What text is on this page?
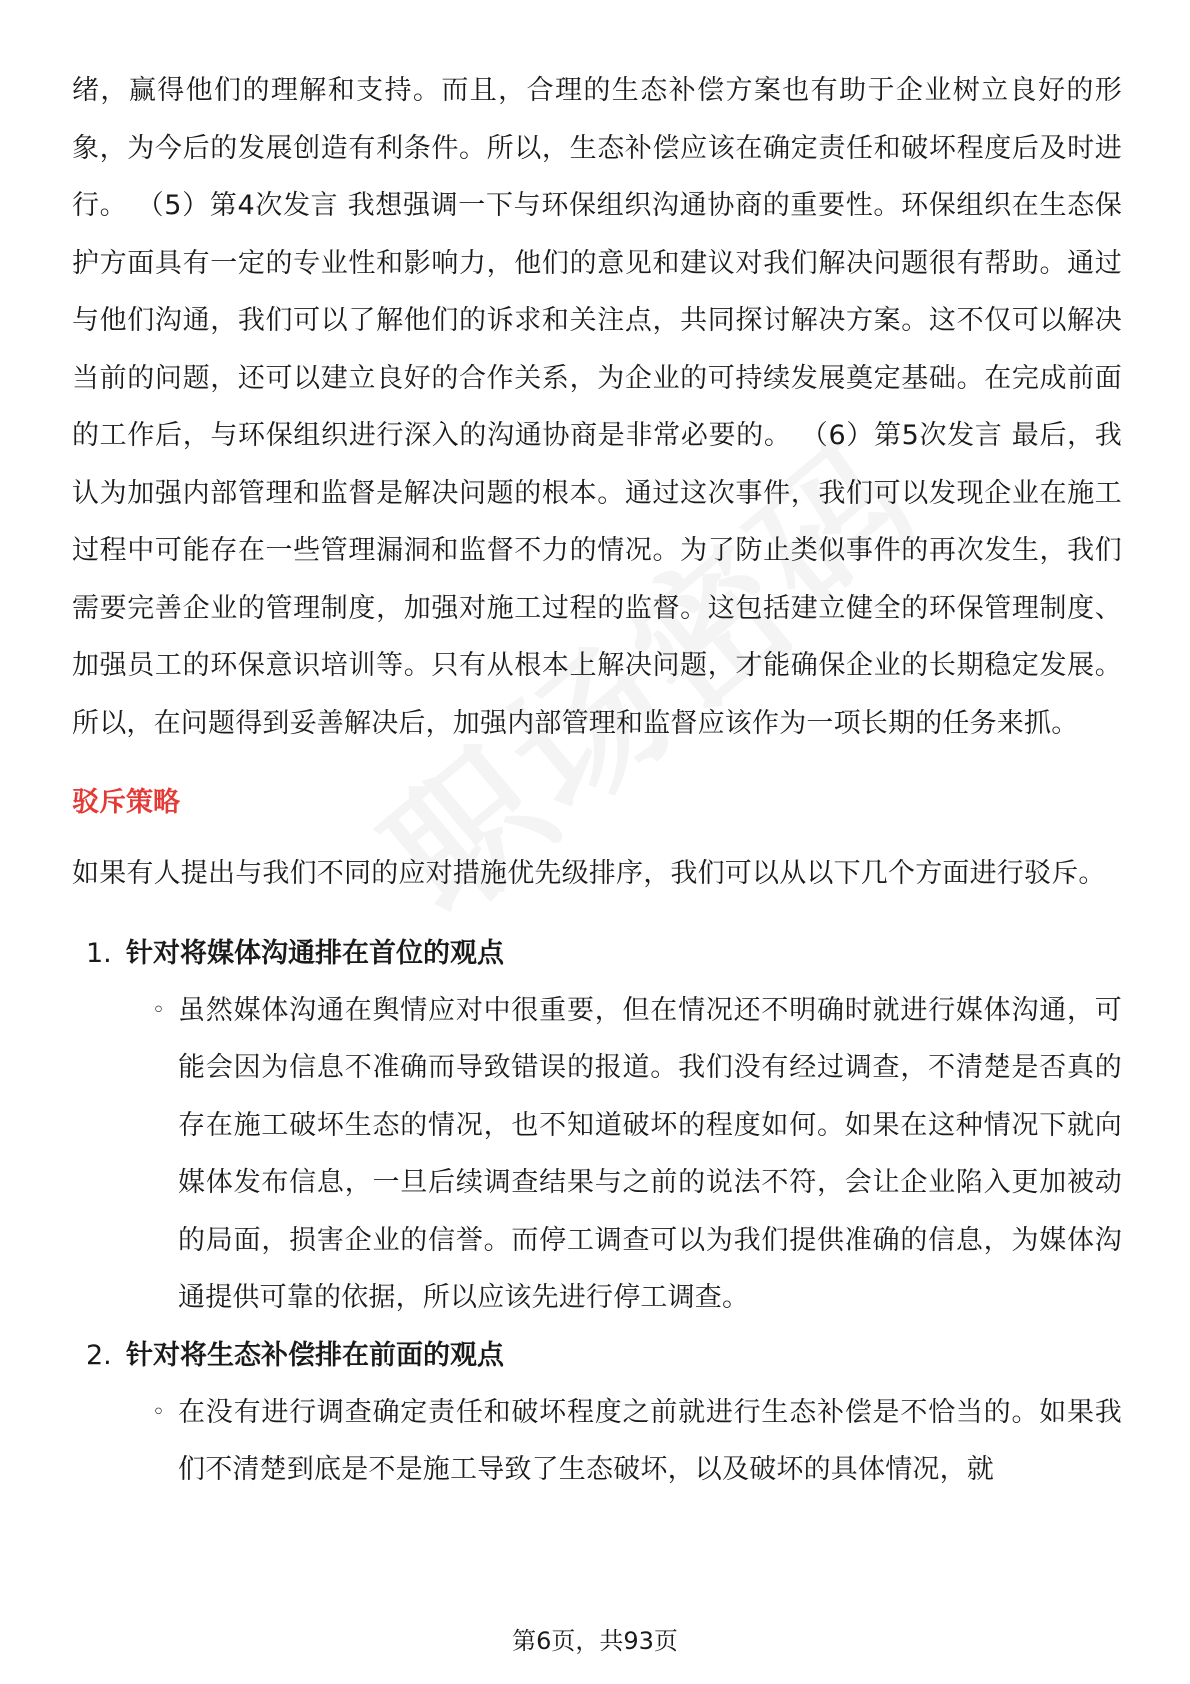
绪，赢得他们的理解和支持。而且，合理的生态补偿方案也有助于企业树立良好的形象，为今后的发展创造有利条件。所以，生态补偿应该在确定责任和破坏程度后及时进行。 （5）第4次发言 我想强调一下与环保组织沟通协商的重要性。环保组织在生态保护方面具有一定的专业性和影响力，他们的意见和建议对我们解决问题很有帮助。通过与他们沟通，我们可以了解他们的诉求和关注点，共同探讨解决方案。这不仅可以解决当前的问题，还可以建立良好的合作关系，为企业的可持续发展奠定基础。在完成前面的工作后，与环保组织进行深入的沟通协商是非常必要的。 （6）第5次发言 最后，我认为加强内部管理和监督是解决问题的根本。通过这次事件，我们可以发现企业在施工过程中可能存在一些管理漏洞和监督不力的情况。为了防止类似事件的再次发生，我们需要完善企业的管理制度，加强对施工过程的监督。这包括建立健全的环保管理制度、加强员工的环保意识培训等。只有从根本上解决问题，才能确保企业的长期稳定发展。所以，在问题得到妥善解决后，加强内部管理和监督应该作为一项长期的任务来抓。

驳斥策略

如果有人提出与我们不同的应对措施优先级排序，我们可以从以下几个方面进行驳斥。

1. 针对将媒体沟通排在首位的观点
◦ 虽然媒体沟通在舆情应对中很重要，但在情况还不明确时就进行媒体沟通，可能会因为信息不准确而导致错误的报道。我们没有经过调查，不清楚是否真的存在施工破坏生态的情况，也不知道破坏的程度如何。如果在这种情况下就向媒体发布信息，一旦后续调查结果与之前的说法不符，会让企业陷入更加被动的局面，损害企业的信誉。而停工调查可以为我们提供准确的信息，为媒体沟通提供可靠的依据，所以应该先进行停工调查。
2. 针对将生态补偿排在前面的观点
◦ 在没有进行调查确定责任和破坏程度之前就进行生态补偿是不恰当的。如果我们不清楚到底是不是施工导致了生态破坏，以及破坏的具体情况，就
第6页，共93页
